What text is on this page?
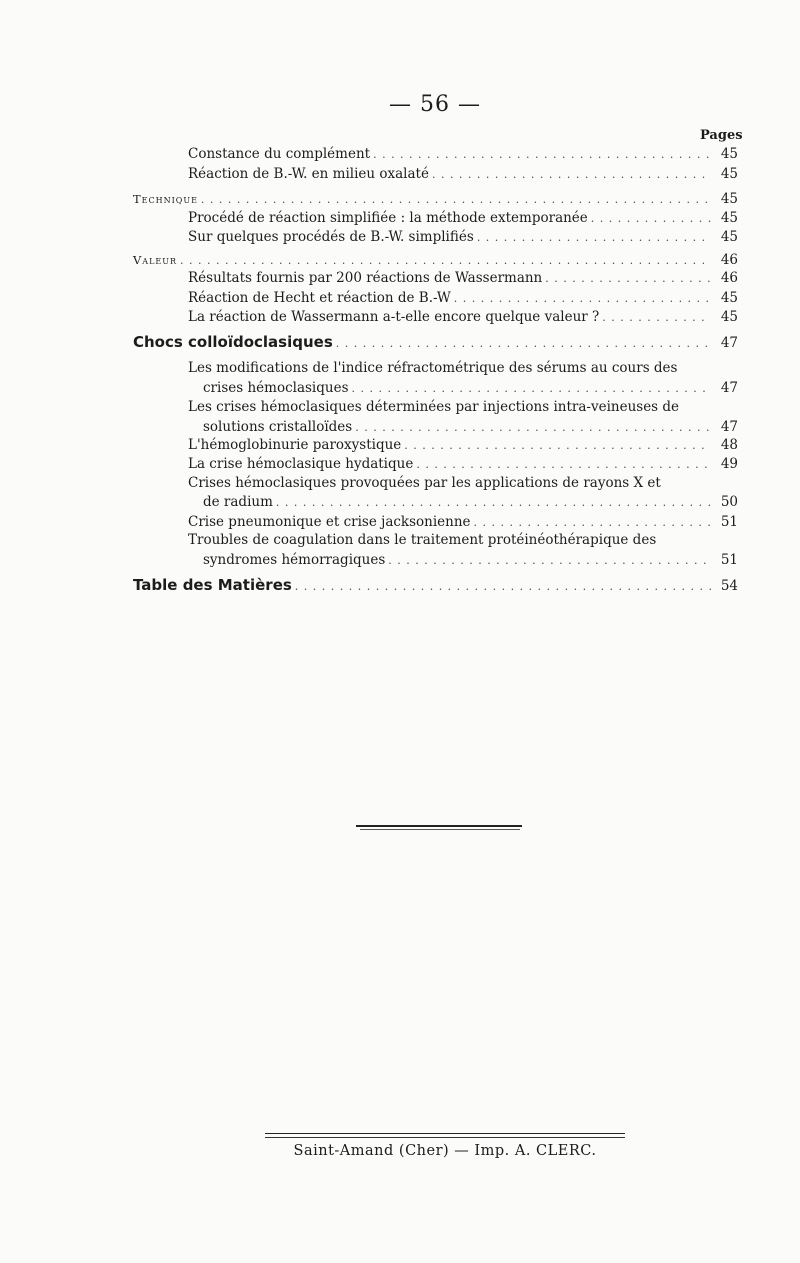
— 56 —
Pages
Constance du complément . . .	45
Réaction de B.-W. en milieu oxalaté . . .	45
Technique . . .	45
Procédé de réaction simplifiée : la méthode extemporanée . . .	45
Sur quelques procédés de B.-W. simplifiés . . .	45
Valeur . . .	46
Résultats fournis par 200 réactions de Wassermann . . .	46
Réaction de Hecht et réaction de B.-W . . .	45
La réaction de Wassermann a-t-elle encore quelque valeur ? . . .	45
Chocs colloïdoclasiques . . .	47
Les modifications de l'indice réfractométrique des sérums au cours des
crises hémoclasiques . . .	47
Les crises hémoclasiques déterminées par injections intra-veineuses de
solutions cristalloïdes . . .	47
L'hémoglobinurie paroxystique . . .	48
La crise hémoclasique hydatique . . .	49
Crises hémoclasiques provoquées par les applications de rayons X et
de radium . . .	50
Crise pneumonique et crise jacksonienne . . .	51
Troubles de coagulation dans le traitement protéinéothérapique des
syndromes hémorragiques . . .	51
Table des Matières . . .	54
Saint-Amand (Cher) — Imp. A. CLERC.
